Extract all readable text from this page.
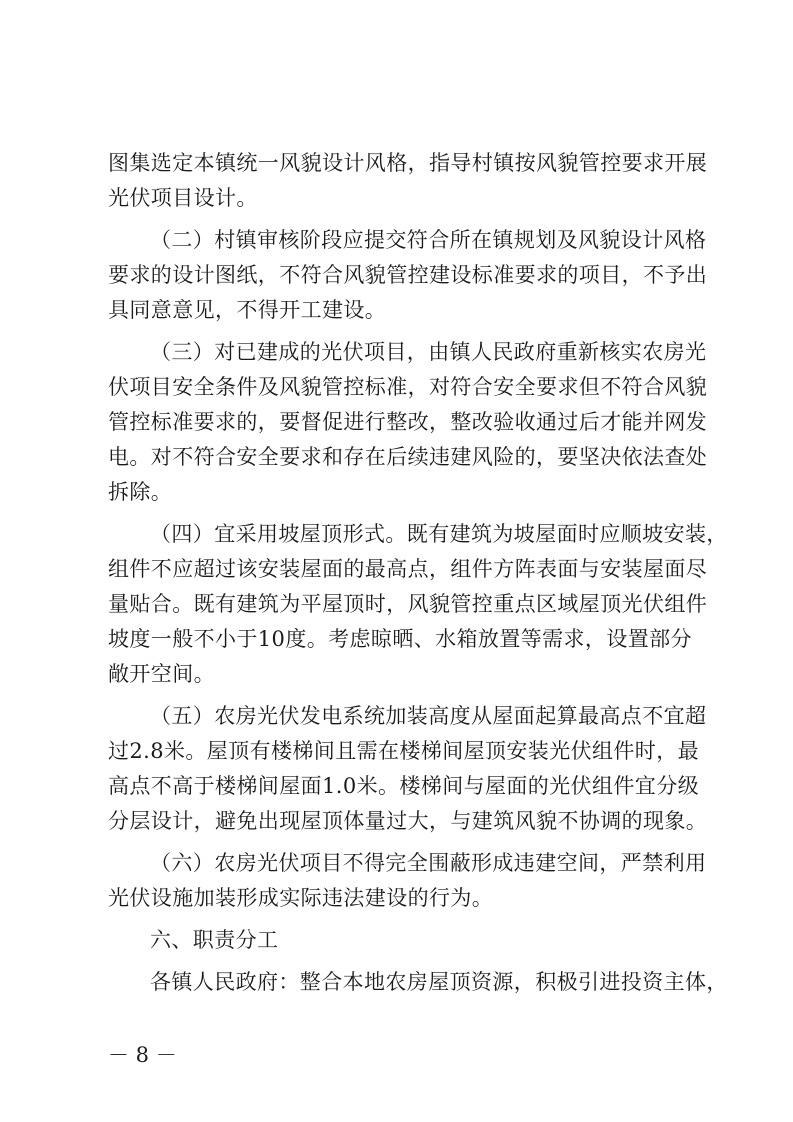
图集选定本镇统一风貌设计风格，指导村镇按风貌管控要求开展
光伏项目设计。
（二）村镇审核阶段应提交符合所在镇规划及风貌设计风格
要求的设计图纸，不符合风貌管控建设标准要求的项目，不予出
具同意意见，不得开工建设。
（三）对已建成的光伏项目，由镇人民政府重新核实农房光
伏项目安全条件及风貌管控标准，对符合安全要求但不符合风貌
管控标准要求的，要督促进行整改，整改验收通过后才能并网发
电。对不符合安全要求和存在后续违建风险的，要坚决依法查处
拆除。
（四）宜采用坡屋顶形式。既有建筑为坡屋面时应顺坡安装，
组件不应超过该安装屋面的最高点，组件方阵表面与安装屋面尽
量贴合。既有建筑为平屋顶时，风貌管控重点区域屋顶光伏组件
坡度一般不小于10度。考虑晾晒、水箱放置等需求，设置部分
敞开空间。
（五）农房光伏发电系统加装高度从屋面起算最高点不宜超
过2.8米。屋顶有楼梯间且需在楼梯间屋顶安装光伏组件时，最
高点不高于楼梯间屋面1.0米。楼梯间与屋面的光伏组件宜分级
分层设计，避免出现屋顶体量过大，与建筑风貌不协调的现象。
（六）农房光伏项目不得完全围蔽形成违建空间，严禁利用
光伏设施加装形成实际违法建设的行为。
六、职责分工
各镇人民政府：整合本地农房屋顶资源，积极引进投资主体，
－ 8 －
